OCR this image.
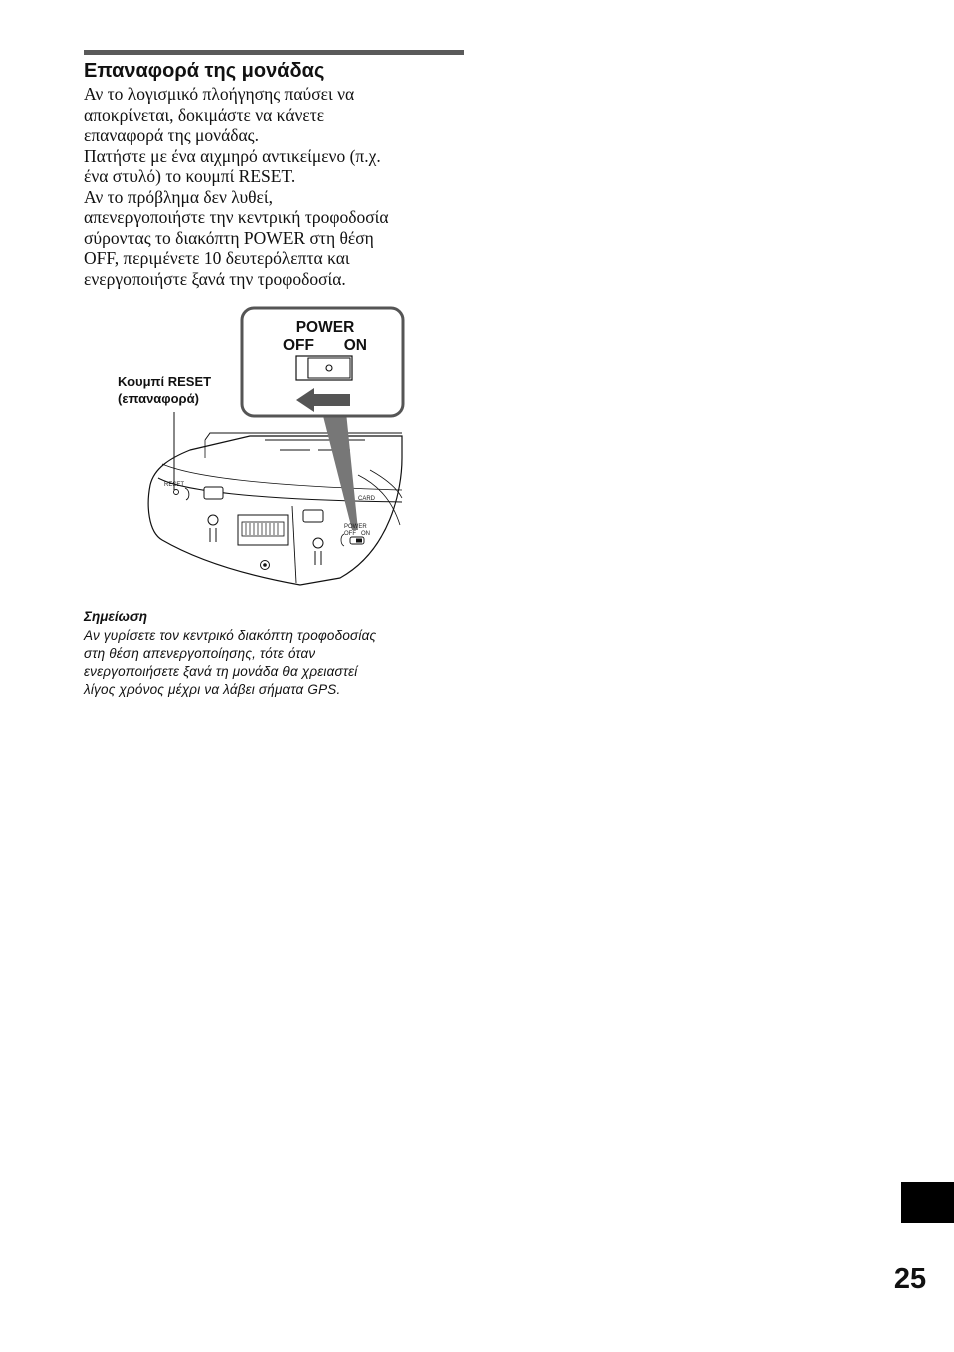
Επαναφορά της μονάδας

Αν το λογισμικό πλοήγησης παύσει να

αποκρίνεται, δοκιμάστε να κάνετε

επαναφορά της μονάδας.

Πατήστε με ένα αιχμηρό αντικείμενο (π.χ.

ένα στυλό) το κουμπί RESET.

Αν το πρόβλημα δεν λυθεί,

απενεργοποιήστε την κεντρική τροφοδοσία

σύροντας το διακόπτη POWER στη θέση

OFF, περιμένετε 10 δευτερόλεπτα και

ενεργοποιήστε ξανά την τροφοδοσία.

Κουμπί RESET
(επαναφορά)
POWER
OFF ON
RESET
POWER
OFF ON
CARD
Σημείωση

Αν γυρίσετε τον κεντρικό διακόπτη τροφοδοσίας

στη θέση απενεργοποίησης, τότε όταν

ενεργοποιήσετε ξανά τη μονάδα θα χρειαστεί

λίγος χρόνος μέχρι να λάβει σήματα GPS.

25
